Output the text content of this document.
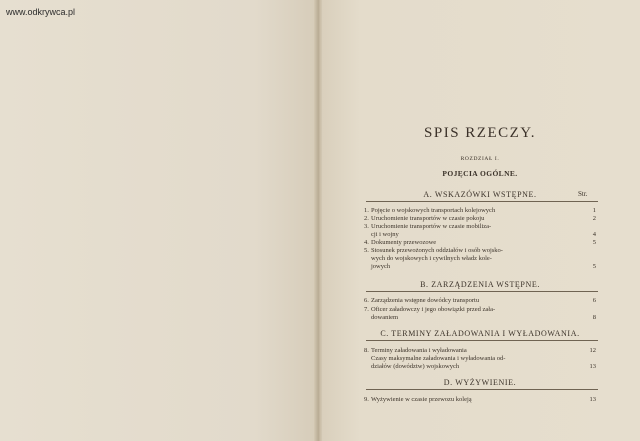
www.odkrywca.pl
SPIS RZECZY.
ROZDZIAŁ I.
POJĘCIA OGÓLNE.
Str.
A. WSKAZÓWKI WSTĘPNE.
1. Pojęcie o wojskowych transportach kolejowych	1
2. Uruchomienie transportów w czasie pokoju	2
3. Uruchomienie transportów w czasie mobiliza-
cji i wojny	4
4. Dokumenty przewozowe	5
5. Stosunek przewożonych oddziałów i osób wojsko-
wych do wojskowych i cywilnych władz kole-
jowych	5
B. ZARZĄDZENIA WSTĘPNE.
6. Zarządzenia wstępne dowódcy transportu	6
7. Oficer załadowczy i jego obowiązki przed zała-
dowaniem	8
C. TERMINY ZAŁADOWANIA I WYŁADOWANIA.
8. Terminy załadowania i wyładowania	12
Czasy maksymalne załadowania i wyładowania od-
działów (dowództw) wojskowych	13
D. WYŻYWIENIE.
9. Wyżywienie w czasie przewozu koleją	13
